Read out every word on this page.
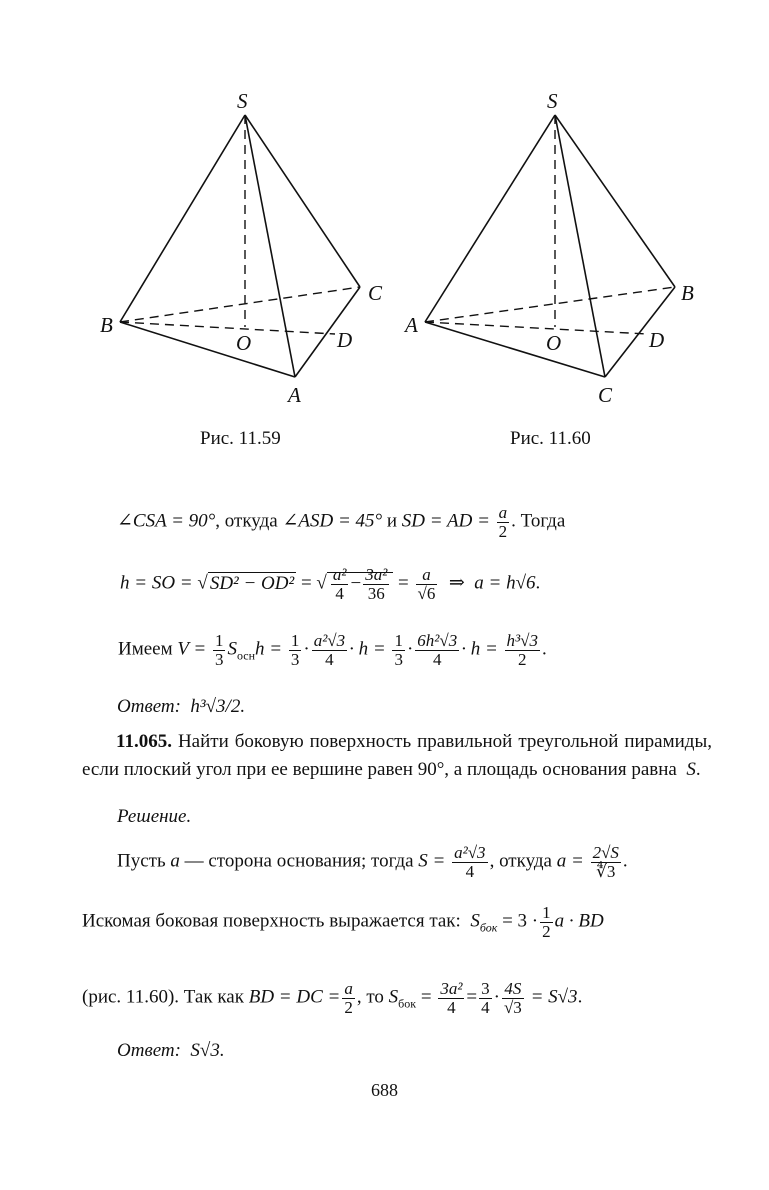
S
B
C
O	D
A
S
A
B
O	D
C
Рис. 11.59	Рис. 11.60
∠CSA = 90°, откуда ∠ASD = 45° и SD = AD = $\frac{a}{2}$ . Тогда
h = SO = √ SD² − OD² = √ $\frac{\text{a²}}{4} - \frac{\text{3a²}}{36} = \frac{a}{√6}$ ⇒ a = h√6.
Имеем $V = \frac{1}{3} S_{осн}h = \frac{1}{3} \cdot \frac{\text{a²√3}}{4} \cdot h = \frac{1}{3} \cdot \frac{\text{6h²√3}}{4} \cdot h = \frac{\text{h³√3}}{2}$ .
Ответ: h³√3/2.
11.065. Найти боковую поверхность правильной треугольной пирамиды, если плоский угол при ее вершине равен 90°, а площадь основания равна S.
Решение.
Пусть a — сторона основания; тогда $S = \frac{\text{a²√3}}{4}$ , откуда $a = \frac{2√S}{∜3}$ .
Искомая боковая поверхность выражается так: $S_{бок} = 3 \cdot \frac{1}{2}$ a · BD
(рис. 11.60). Так как BD = DC = $\frac{a}{2}$ , то $S_{бок} = \frac{\text{3a²}}{4} = \frac{3}{4} \cdot \frac{4S}{√3} = S√3$.
Ответ: S√3.
688
